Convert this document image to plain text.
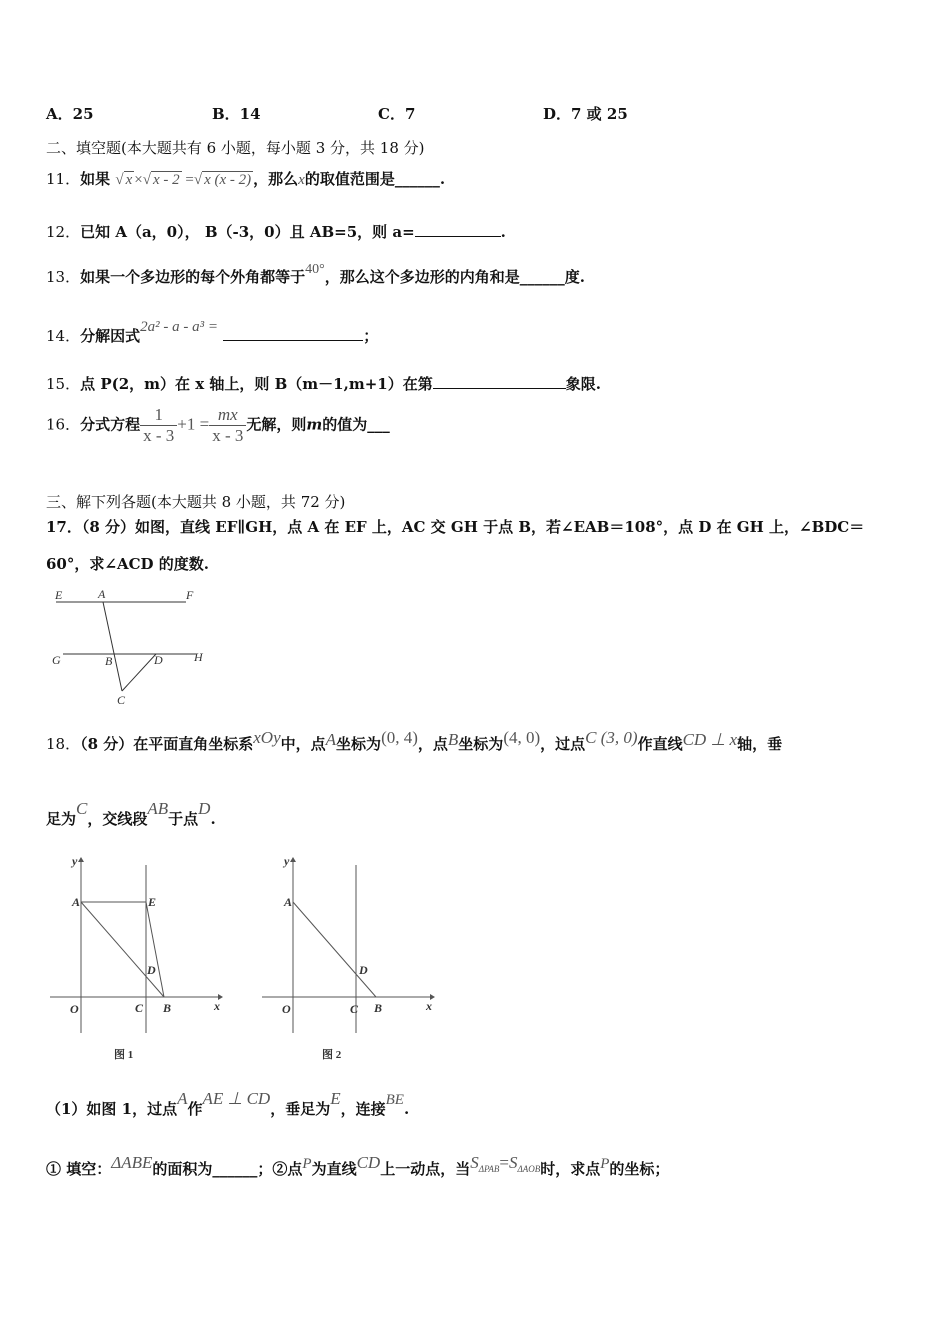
A．25	B．14	C．7	D．7 或 25
二、填空题(本大题共有 6 小题，每小题 3 分，共 18 分)
11．如果 √ x ×√ x - 2 =√ x (x - 2) ，那么x的取值范围是______.
12．已知 A（a，0）， B（-3，0）且 AB=5，则 a=	.
13．如果一个多边形的每个外角都等于40°，那么这个多边形的内角和是______度.
14．分解因式2a² - a - a³ =	；
15．点 P(2，m）在 x 轴上，则 B（m－1,m+1）在第	象限.
16．分式方程 $\frac{1}{x - 3} +1 = \frac{mx}{x - 3}$ 无解，则m的值为___
三、解下列各题(本大题共 8 小题，共 72 分)
17．（8 分）如图，直线 EF∥GH，点 A 在 EF 上，AC 交 GH 于点 B，若∠EAB＝108°，点 D 在 GH 上，∠BDC＝
60°，求∠ACD 的度数.
E	A	F
G	B	D	H
C
18．（8 分）在平面直角坐标系xOy中，点A坐标为(0, 4)，点B坐标为(4, 0)，过点C (3, 0)作直线CD ⊥ x轴，垂
足为C，交线段AB于点D.
y
A	E
D
O	C B	x
图 1
y
A
D
O	C B	x
图 2
（1）如图 1，过点A作AE ⊥ CD，垂足为E，连接BE.
① 填空：ΔABE的面积为______；②点P为直线CD上一动点，当$S_{\Delta PAB}=S_{\Delta AOB}$时，求点P的坐标；
